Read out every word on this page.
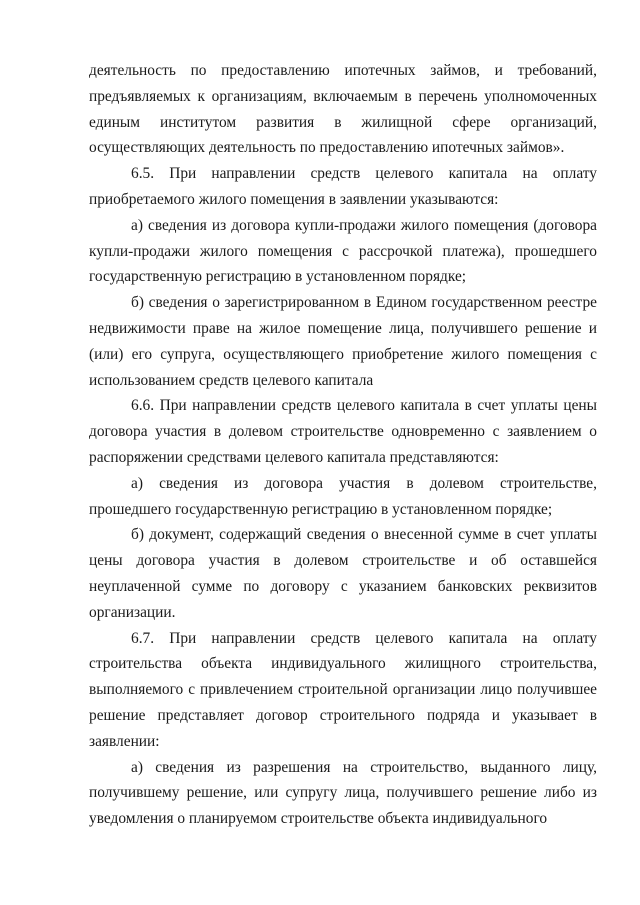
деятельность по предоставлению ипотечных займов, и требований, предъявляемых к организациям, включаемым в перечень уполномоченных единым институтом развития в жилищной сфере организаций, осуществляющих деятельность по предоставлению ипотечных займов».

6.5. При направлении средств целевого капитала на оплату приобретаемого жилого помещения в заявлении указываются:

а) сведения из договора купли-продажи жилого помещения (договора купли-продажи жилого помещения с рассрочкой платежа), прошедшего государственную регистрацию в установленном порядке;

б) сведения о зарегистрированном в Едином государственном реестре недвижимости праве на жилое помещение лица, получившего решение и (или) его супруга, осуществляющего приобретение жилого помещения с использованием средств целевого капитала

6.6. При направлении средств целевого капитала в счет уплаты цены договора участия в долевом строительстве одновременно с заявлением о распоряжении средствами целевого капитала представляются:

а) сведения из договора участия в долевом строительстве, прошедшего государственную регистрацию в установленном порядке;

б) документ, содержащий сведения о внесенной сумме в счет уплаты цены договора участия в долевом строительстве и об оставшейся неуплаченной сумме по договору с указанием банковских реквизитов организации.

6.7. При направлении средств целевого капитала на оплату строительства объекта индивидуального жилищного строительства, выполняемого с привлечением строительной организации лицо получившее решение представляет договор строительного подряда и указывает в заявлении:

а) сведения из разрешения на строительство, выданного лицу, получившему решение, или супругу лица, получившего решение либо из уведомления о планируемом строительстве объекта индивидуального
